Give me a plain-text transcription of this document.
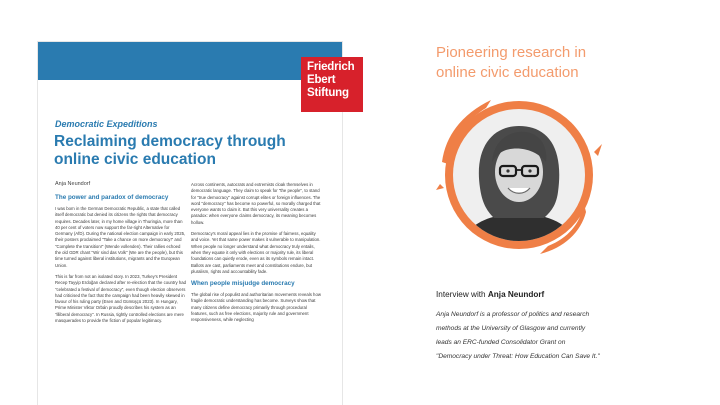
Friedrich
Ebert
Stiftung
Democratic Expeditions
Reclaiming democracy through online civic education
Anja Neundorf
The power and paradox of democracy

I was born in the German Democratic Republic, a state that called itself democratic but denied its citizens the rights that democracy requires. Decades later, in my home village in Thuringia, more than 40 per cent of voters now support the far-right Alternative for Germany (AfD). During the national election campaign in early 2025, their posters proclaimed "Take a chance on more democracy!" and "Complete the transition!" (Wende vollenden). Their rallies echoed the old GDR chant "Wir sind das Volk" (We are the people), but this time turned against liberal institutions, migrants and the European Union.

This is far from not an isolated story. In 2023, Turkey's President Recep Tayyip Erdoğan declared after re-election that the country had "celebrated a festival of democracy", even though election observers had criticised the fact that the campaign had been heavily skewed in favour of his ruling party (Esen and Gümüşçü 2023). In Hungary, Prime Minister Viktor Orbán proudly describes his system as an "illiberal democracy". In Russia, tightly controlled elections are mere masquerades to provide the fiction of popular legitimacy.

Across continents, autocrats and extremists cloak themselves in democratic language. They claim to speak for "the people", to stand for "true democracy" against corrupt elites or foreign influences. The word "democracy" has become so powerful, so morally charged that everyone wants to claim it. But this very universality creates a paradox: when everyone claims democracy, its meaning becomes hollow.

Democracy's moral appeal lies in the promise of fairness, equality and voice. Yet that same power makes it vulnerable to manipulation. When people no longer understand what democracy truly entails, when they equate it only with elections or majority rule, its liberal foundations can quietly erode, even as its symbols remain intact. Ballots are cast, parliaments meet and constitutions endure, but pluralism, rights and accountability fade.

When people misjudge democracy

The global rise of populist and authoritarian movements reveals how fragile democratic understanding has become. Surveys show that many citizens define democracy primarily through procedural features, such as free elections, majority rule and government responsiveness, while neglecting

Pioneering research in
online civic education
Interview with Anja Neundorf
Anja Neundorf is a professor of politics and research
methods at the University of Glasgow and currently
leads an ERC-funded Consolidator Grant on
"Democracy under Threat: How Education Can Save It."
